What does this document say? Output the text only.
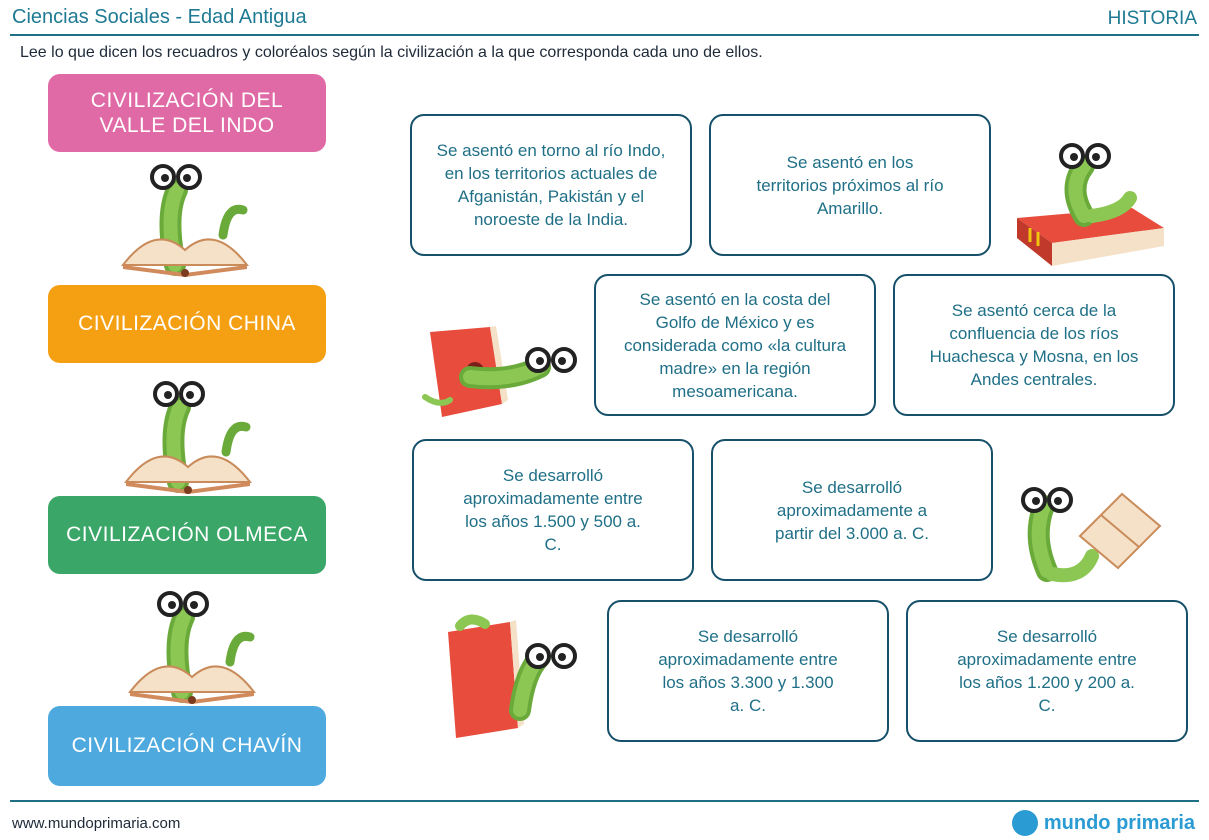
Ciencias Sociales - Edad Antigua	HISTORIA
Lee lo que dicen los recuadros y coloréalos según la civilización a la que corresponda cada uno de ellos.
CIVILIZACIÓN DEL VALLE DEL INDO
CIVILIZACIÓN CHINA
CIVILIZACIÓN OLMECA
CIVILIZACIÓN CHAVÍN
Se asentó en torno al río Indo, en los territorios actuales de Afganistán, Pakistán y el noroeste de la India.
Se asentó en los territorios próximos al río Amarillo.
Se asentó en la costa del Golfo de México y es considerada como «la cultura madre» en la región mesoamericana.
Se asentó cerca de la confluencia de los ríos Huachesca y Mosna, en los Andes centrales.
Se desarrolló aproximadamente entre los años 1.500 y 500 a. C.
Se desarrolló aproximadamente a partir del 3.000 a. C.
Se desarrolló aproximadamente entre los años 3.300 y 1.300 a. C.
Se desarrolló aproximadamente entre los años 1.200 y 200 a. C.
www.mundoprimaria.com	mundo primaria
